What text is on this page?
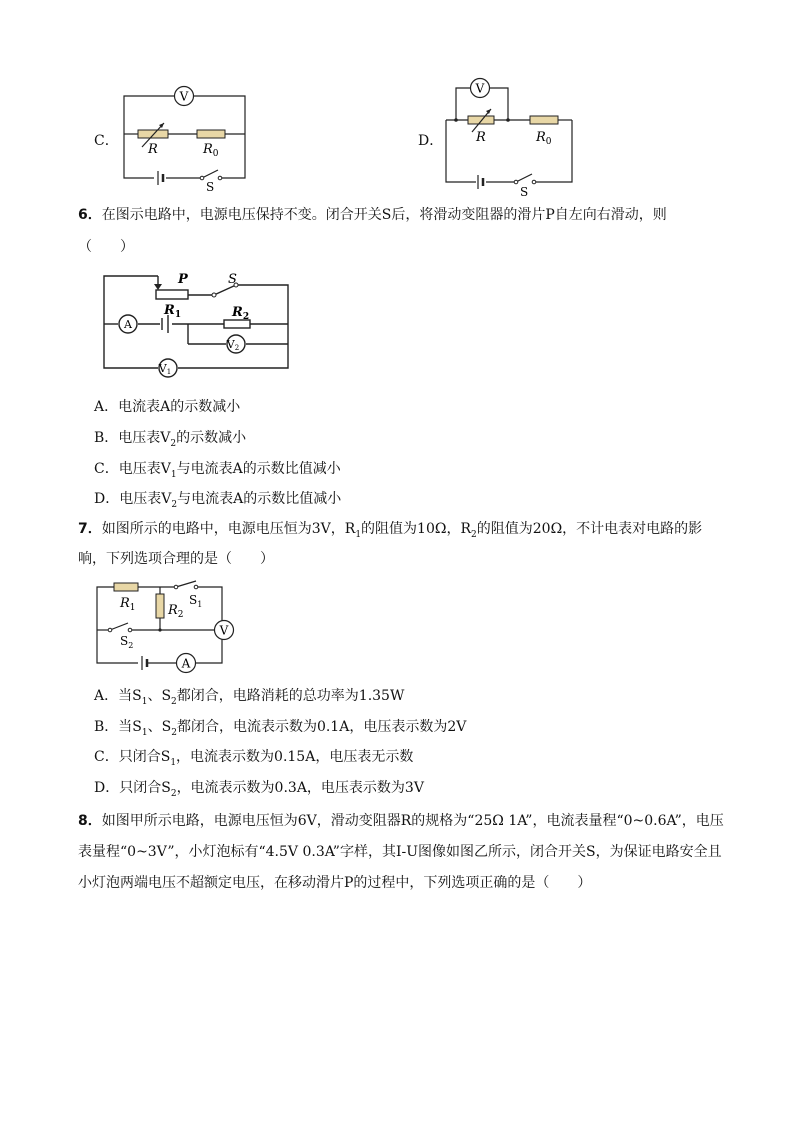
C．
V
R	$R_0$
S
D．
V
R	$R_0$
S
6．在图示电路中，电源电压保持不变。闭合开关S后，将滑动变阻器的滑片P自左向右滑动，则
（　　）
A
V2
V1
P	S
$R_1$	$R_2$
A．电流表A的示数减小
B．电压表$V_2$的示数减小
C．电压表$V_1$与电流表A的示数比值减小
D．电压表$V_2$与电流表A的示数比值减小
7．如图所示的电路中，电源电压恒为3V，$R_1$的阻值为10Ω，$R_2$的阻值为20Ω，不计电表对电路的影
响，下列选项合理的是（　　）
V
A
$R_1$ $R_2$
$S_1$
$S_2$
A．当$S_1$、$S_2$都闭合，电路消耗的总功率为1.35W
B．当$S_1$、$S_2$都闭合，电流表示数为0.1A，电压表示数为2V
C．只闭合$S_1$，电流表示数为0.15A，电压表无示数
D．只闭合$S_2$，电流表示数为0.3A，电压表示数为3V
8．如图甲所示电路，电源电压恒为6V，滑动变阻器R的规格为“25Ω 1A”，电流表量程“0~0.6A”，电压
表量程“0~3V”，小灯泡标有“4.5V 0.3A”字样，其I-U图像如图乙所示，闭合开关S，为保证电路安全且
小灯泡两端电压不超额定电压，在移动滑片P的过程中，下列选项正确的是（　　）
